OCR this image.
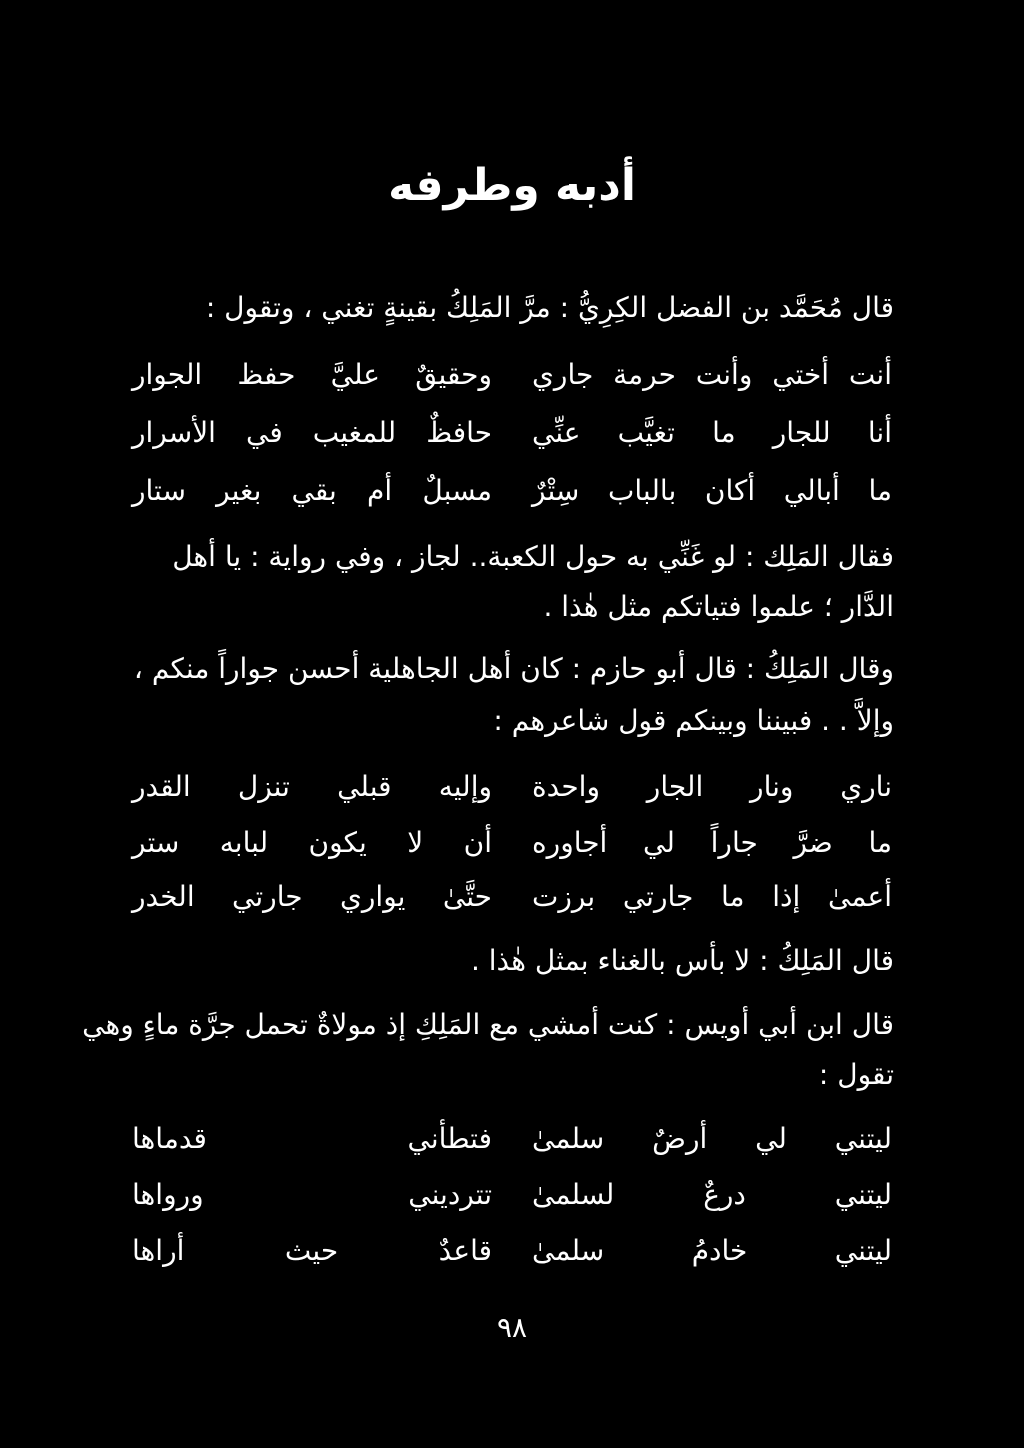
أدبه وطرفه
قال مُحَمَّد بن الفضل الكِرِيُّ : مرَّ المَلِكُ بقينةٍ تغني ، وتقول :
أنت أختي وأنت حرمة جاري
وحقيقٌ عليَّ حفظ الجوار
أنا للجار ما تغيَّب عنِّي
حافظٌ للمغيب في الأسرار
ما أبالي أكان بالباب سِتْرٌ
مسبلٌ أم بقي بغير ستار
فقال المَلِك : لو غَنِّي به حول الكعبة.. لجاز ، وفي رواية : يا أهل
الدَّار ؛ علموا فتياتكم مثل هٰذا .
وقال المَلِكُ : قال أبو حازم : كان أهل الجاهلية أحسن جواراً منكم ،
وإلاَّ . . فبيننا وبينكم قول شاعرهم :
ناري ونار الجار واحدة
وإليه قبلي تنزل القدر
ما ضرَّ جاراً لي أجاوره
أن لا يكون لبابه ستر
أعمىٰ إذا ما جارتي برزت
حتَّىٰ يواري جارتي الخدر
قال المَلِكُ : لا بأس بالغناء بمثل هٰذا .
قال ابن أبي أويس : كنت أمشي مع المَلِكِ إذ مولاةٌ تحمل جرَّة ماءٍ وهي
تقول :
ليتني لي أرضٌ سلمىٰ
فتطأني قدماها
ليتني درعٌ لسلمىٰ
تترديني ورواها
ليتني خادمُ سلمىٰ
قاعدٌ حيث أراها
٩٨
